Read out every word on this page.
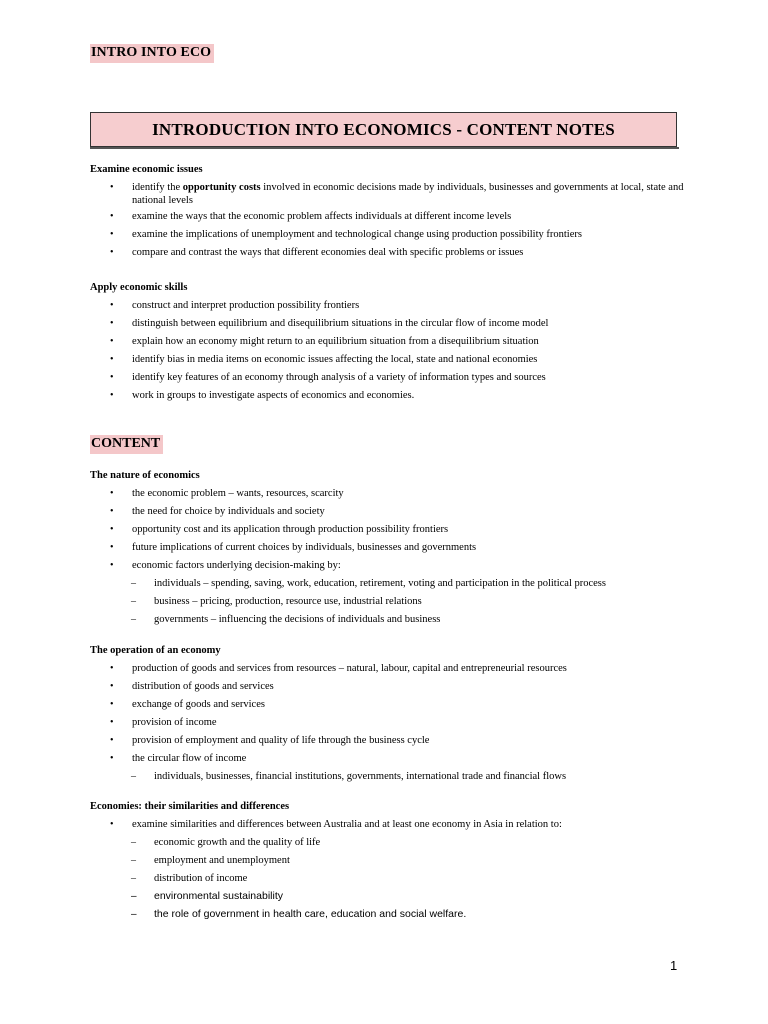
INTRO INTO ECO
INTRODUCTION INTO ECONOMICS - CONTENT NOTES
Examine economic issues
• identify the opportunity costs involved in economic decisions made by individuals, businesses and governments at local, state and national levels
• examine the ways that the economic problem affects individuals at different income levels
• examine the implications of unemployment and technological change using production possibility frontiers
• compare and contrast the ways that different economies deal with specific problems or issues
Apply economic skills
• construct and interpret production possibility frontiers
• distinguish between equilibrium and disequilibrium situations in the circular flow of income model
• explain how an economy might return to an equilibrium situation from a disequilibrium situation
• identify bias in media items on economic issues affecting the local, state and national economies
• identify key features of an economy through analysis of a variety of information types and sources
• work in groups to investigate aspects of economics and economies.
CONTENT
The nature of economics
• the economic problem – wants, resources, scarcity
• the need for choice by individuals and society
• opportunity cost and its application through production possibility frontiers
• future implications of current choices by individuals, businesses and governments
• economic factors underlying decision-making by:
– individuals – spending, saving, work, education, retirement, voting and participation in the political process
– business – pricing, production, resource use, industrial relations
– governments – influencing the decisions of individuals and business
The operation of an economy
• production of goods and services from resources – natural, labour, capital and entrepreneurial resources
• distribution of goods and services
• exchange of goods and services
• provision of income
• provision of employment and quality of life through the business cycle
• the circular flow of income
– individuals, businesses, financial institutions, governments, international trade and financial flows
Economies: their similarities and differences
• examine similarities and differences between Australia and at least one economy in Asia in relation to:
– economic growth and the quality of life
– employment and unemployment
– distribution of income
– environmental sustainability
– the role of government in health care, education and social welfare.
1
